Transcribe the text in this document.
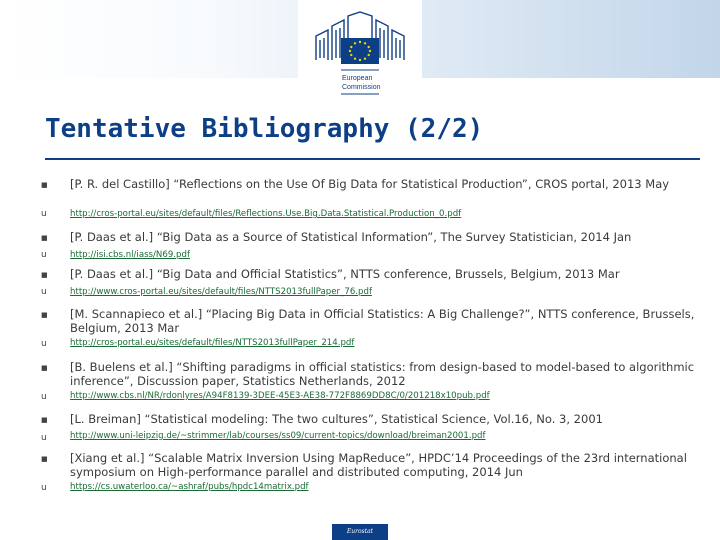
European
Commission
Tentative Bibliography (2/2)
■ [P. R. del Castillo] “Reflections on the Use Of Big Data for Statistical Production”, CROS portal, 2013 May
u	http://cros-portal.eu/sites/default/files/Reflections.Use.Big.Data.Statistical.Production_0.pdf
■ [P. Daas et al.] “Big Data as a Source of Statistical Information”, The Survey Statistician, 2014 Jan
u	http://isi.cbs.nl/iass/N69.pdf
■ [P. Daas et al.] “Big Data and Official Statistics”, NTTS conference, Brussels, Belgium, 2013 Mar
u	http://www.cros-portal.eu/sites/default/files/NTTS2013fullPaper_76.pdf
■ [M. Scannapieco et al.] “Placing Big Data in Official Statistics: A Big Challenge?”, NTTS conference, Brussels, Belgium, 2013 Mar
u	http://cros-portal.eu/sites/default/files/NTTS2013fullPaper_214.pdf
■ [B. Buelens et al.] “Shifting paradigms in official statistics: from design-based to model-based to algorithmic inference”, Discussion paper, Statistics Netherlands, 2012
u	http://www.cbs.nl/NR/rdonlyres/A94F8139-3DEE-45E3-AE38-772F8869DD8C/0/201218x10pub.pdf
■ [L. Breiman] “Statistical modeling: The two cultures”, Statistical Science, Vol.16, No. 3, 2001
u	http://www.uni-leipzig.de/~strimmer/lab/courses/ss09/current-topics/download/breiman2001.pdf
■ [Xiang et al.] “Scalable Matrix Inversion Using MapReduce”, HPDC’14 Proceedings of the 23rd international symposium on High-performance parallel and distributed computing, 2014 Jun
u	https://cs.uwaterloo.ca/~ashraf/pubs/hpdc14matrix.pdf
Eurostat
